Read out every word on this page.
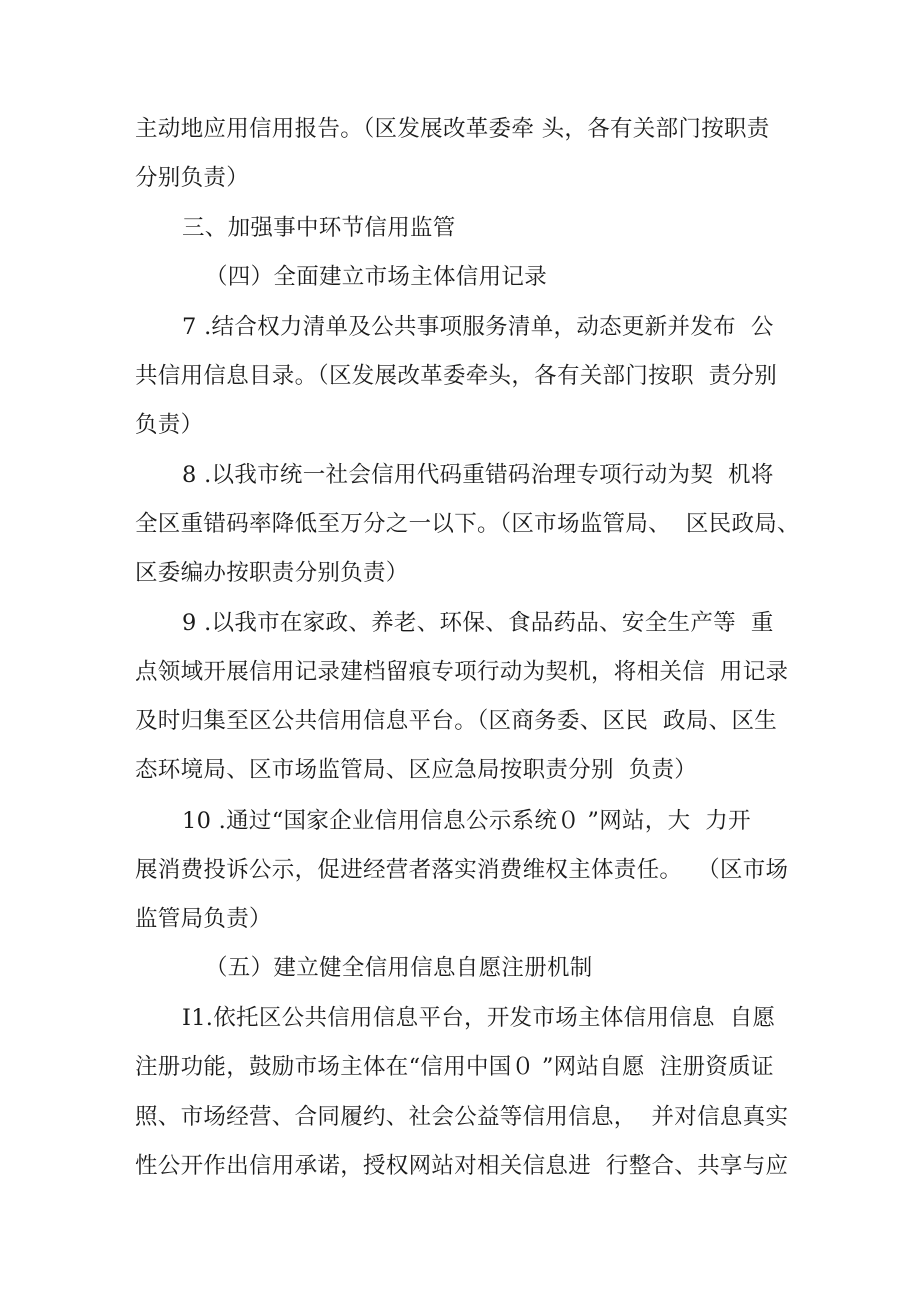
主动地应用信用报告。（区发展改革委牵 头，各有关部门按职责
分别负责）
三、加强事中环节信用监管
（四）全面建立市场主体信用记录
7 .结合权力清单及公共事项服务清单，动态更新并发布  公
共信用信息目录。（区发展改革委牵头，各有关部门按职  责分别
负责）
8 .以我市统一社会信用代码重错码治理专项行动为契  机将
全区重错码率降低至万分之一以下。（区市场监管局、  区民政局、
区委编办按职责分别负责）
9 .以我市在家政、养老、环保、食品药品、安全生产等  重
点领域开展信用记录建档留痕专项行动为契机，将相关信  用记录
及时归集至区公共信用信息平台。（区商务委、区民  政局、区生
态环境局、区市场监管局、区应急局按职责分别  负责）
10 .通过“国家企业信用信息公示系统０ ”网站，大  力开
展消费投诉公示，促进经营者落实消费维权主体责任。  （区市场
监管局负责）
（五）建立健全信用信息自愿注册机制
I1.依托区公共信用信息平台，开发市场主体信用信息  自愿
注册功能，鼓励市场主体在“信用中国０ ”网站自愿  注册资质证
照、市场经营、合同履约、社会公益等信用信息，  并对信息真实
性公开作出信用承诺，授权网站对相关信息进  行整合、共享与应
